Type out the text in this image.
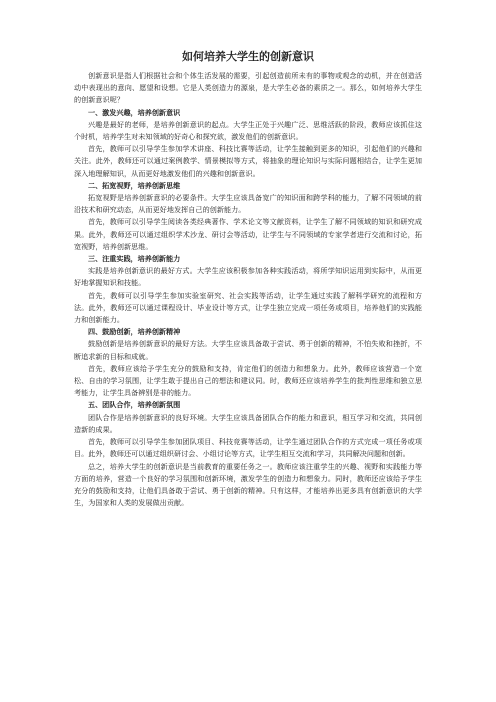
如何培养大学生的创新意识

创新意识是指人们根据社会和个体生活发展的需要，引起创造前所未有的事物或观念的动机，并在创造活动中表现出的意向、愿望和设想。它是人类创造力的源泉，是大学生必备的素质之一。那么，如何培养大学生的创新意识呢？

一、激发兴趣，培养创新意识

兴趣是最好的老师，是培养创新意识的起点。大学生正处于兴趣广泛、思维活跃的阶段，教师应该抓住这个时机，培养学生对未知领域的好奇心和探究欲，激发他们的创新意识。

首先，教师可以引导学生参加学术讲座、科技比赛等活动，让学生接触到更多的知识，引起他们的兴趣和关注。此外，教师还可以通过案例教学、情景模拟等方式，将抽象的理论知识与实际问题相结合，让学生更加深入地理解知识，从而更好地激发他们的兴趣和创新意识。

二、拓宽视野，培养创新思维

拓宽视野是培养创新意识的必要条件。大学生应该具备宽广的知识面和跨学科的能力，了解不同领域的前沿技术和研究动态，从而更好地发挥自己的创新能力。

首先，教师可以引导学生阅读各类经典著作、学术论文等文献资料，让学生了解不同领域的知识和研究成果。此外，教师还可以通过组织学术沙龙、研讨会等活动，让学生与不同领域的专家学者进行交流和讨论，拓宽视野，培养创新思维。

三、注重实践，培养创新能力

实践是培养创新意识的最好方式。大学生应该积极参加各种实践活动，将所学知识运用到实际中，从而更好地掌握知识和技能。

首先，教师可以引导学生参加实验室研究、社会实践等活动，让学生通过实践了解科学研究的流程和方法。此外，教师还可以通过课程设计、毕业设计等方式，让学生独立完成一项任务或项目，培养他们的实践能力和创新能力。

四、鼓励创新，培养创新精神

鼓励创新是培养创新意识的最好方法。大学生应该具备敢于尝试、勇于创新的精神，不怕失败和挫折，不断追求新的目标和成就。

首先，教师应该给予学生充分的鼓励和支持，肯定他们的创造力和想象力。此外，教师应该营造一个宽松、自由的学习氛围，让学生敢于提出自己的想法和建议同。时，教师还应该培养学生的批判性思维和独立思考能力，让学生具备辨别是非的能力。

五、团队合作，培养创新氛围

团队合作是培养创新意识的良好环境。大学生应该具备团队合作的能力和意识，相互学习和交流，共同创造新的成果。

首先，教师可以引导学生参加团队项目、科技竞赛等活动，让学生通过团队合作的方式完成一项任务或项目。此外，教师还可以通过组织研讨会、小组讨论等方式，让学生相互交流和学习，共同解决问题和创新。

总之，培养大学生的创新意识是当前教育的重要任务之一。教师应该注重学生的兴趣、视野和实践能力等方面的培养，营造一个良好的学习氛围和创新环境，激发学生的创造力和想象力。同时，教师还应该给予学生充分的鼓励和支持，让他们具备敢于尝试、勇于创新的精神。只有这样，才能培养出更多具有创新意识的大学生，为国家和人类的发展做出贡献。
